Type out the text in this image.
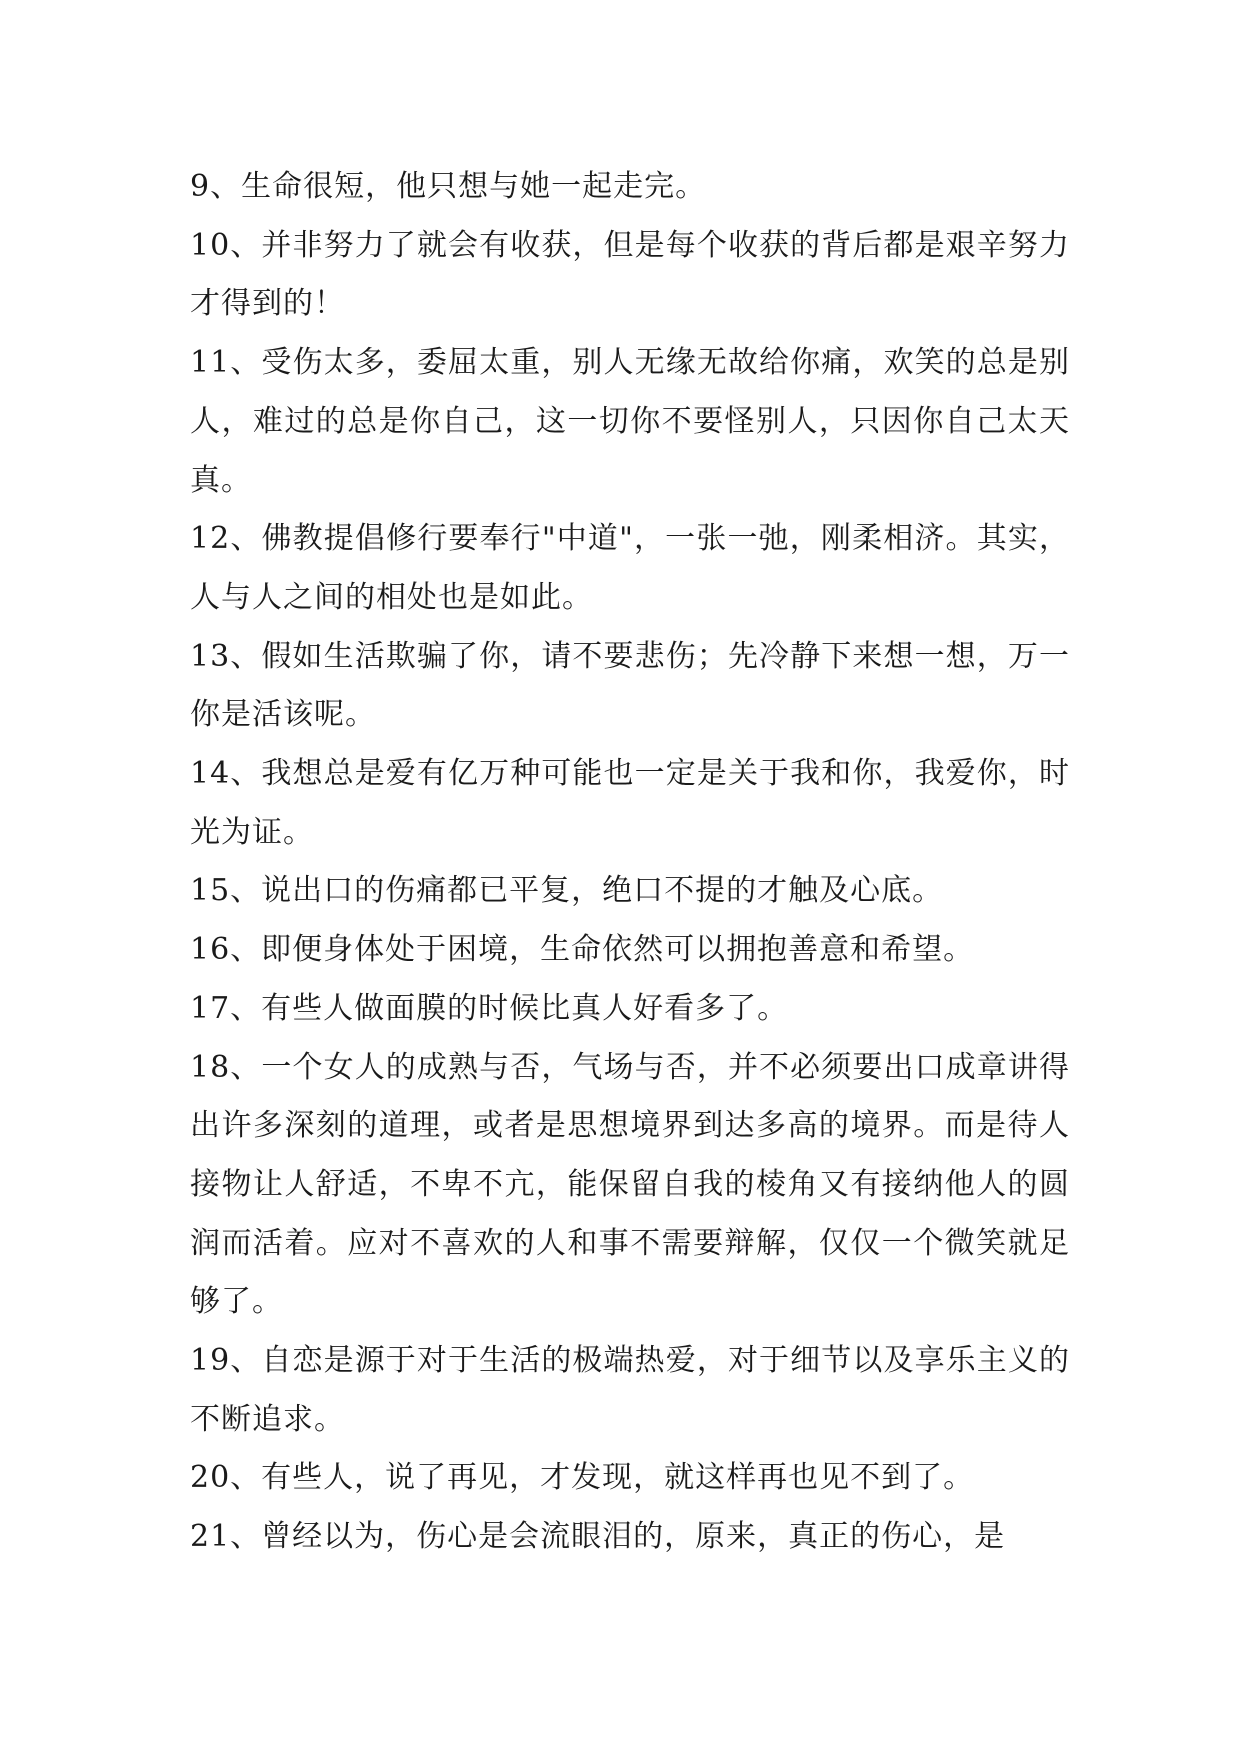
9、生命很短，他只想与她一起走完。

10、并非努力了就会有收获，但是每个收获的背后都是艰辛努力才得到的！

11、受伤太多，委屈太重，别人无缘无故给你痛，欢笑的总是别人，难过的总是你自己，这一切你不要怪别人，只因你自己太天真。

12、佛教提倡修行要奉行"中道"，一张一弛，刚柔相济。其实，人与人之间的相处也是如此。

13、假如生活欺骗了你，请不要悲伤；先冷静下来想一想，万一你是活该呢。

14、我想总是爱有亿万种可能也一定是关于我和你，我爱你，时光为证。

15、说出口的伤痛都已平复，绝口不提的才触及心底。

16、即便身体处于困境，生命依然可以拥抱善意和希望。

17、有些人做面膜的时候比真人好看多了。

18、一个女人的成熟与否，气场与否，并不必须要出口成章讲得出许多深刻的道理，或者是思想境界到达多高的境界。而是待人接物让人舒适，不卑不亢，能保留自我的棱角又有接纳他人的圆润而活着。应对不喜欢的人和事不需要辩解，仅仅一个微笑就足够了。

19、自恋是源于对于生活的极端热爱，对于细节以及享乐主义的不断追求。

20、有些人，说了再见，才发现，就这样再也见不到了。

21、曾经以为，伤心是会流眼泪的，原来，真正的伤心，是
